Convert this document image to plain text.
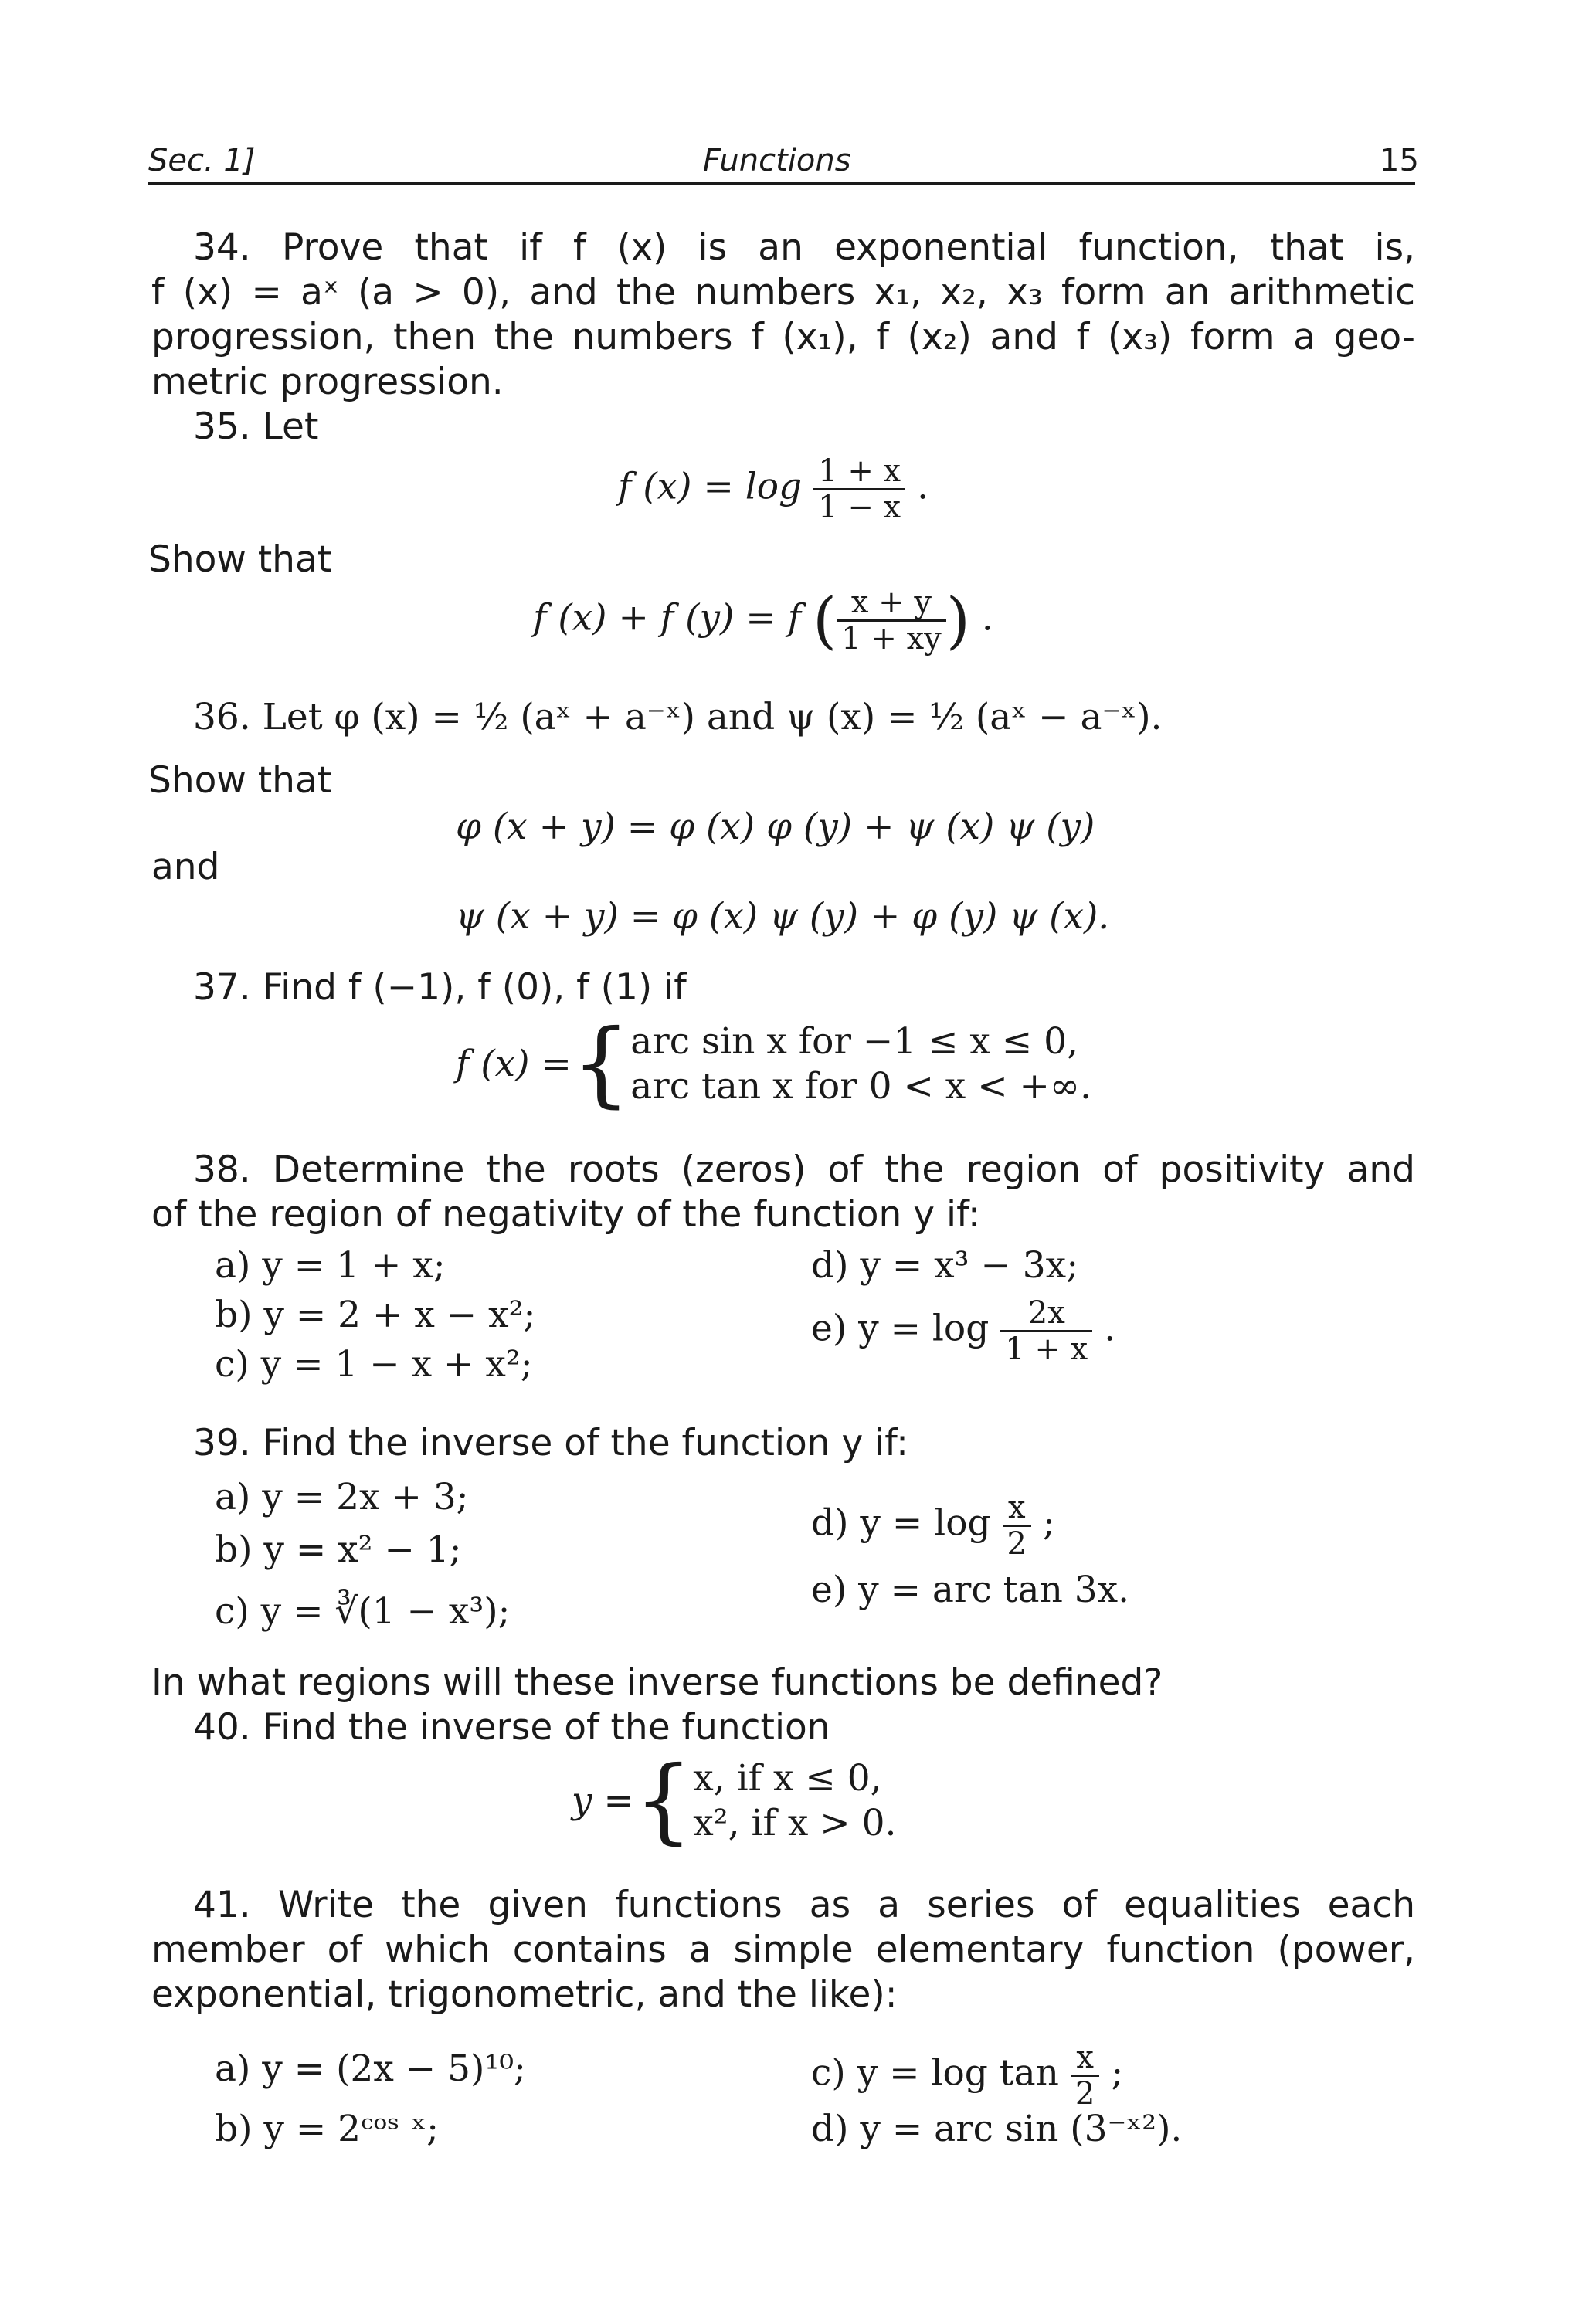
Sec. 1]	Functions	15
34. Prove that if f (x) is an exponential function, that is,
f (x) = aˣ (a > 0), and the numbers x₁, x₂, x₃ form an arithmetic
progression, then the numbers f (x₁), f (x₂) and f (x₃) form a geo-
metric progression.
35. Let
f $(x) = \log \frac{1 + x}{1 - x}$ .
Show that
f (x) + f (y) = f ( $\frac{x + y}{1 + xy}$ ) .
36. Let φ (x) = ½ (aˣ + a⁻ˣ) and ψ (x) = ½ (aˣ − a⁻ˣ).
Show that
φ (x + y) = φ (x) φ (y) + ψ (x) ψ (y)
and
ψ (x + y) = φ (x) ψ (y) + φ (y) ψ (x).
37. Find f (−1), f (0), f (1) if
f (x) ={ arc sin x for −1 ≤ x ≤ 0,
arc tan x for 0 < x < +∞.
38. Determine the roots (zeros) of the region of positivity and
of the region of negativity of the function y if:
a) y = 1 + x;
b) y = 2 + x − x²;
c) y = 1 − x + x²;
d) y = x³ − 3x;
e) $y = \log \frac{2x}{1 + x}$ .
39. Find the inverse of the function y if:
a) y = 2x + 3;
b) y = x² − 1;
c) y = ∛(1 − x³);
d) $y = \log \frac{x}{2}$ ;
e) y = arc tan 3x.
In what regions will these inverse functions be defined?
40. Find the inverse of the function
y ={ x, if x ≤ 0,
x², if x > 0.
41. Write the given functions as a series of equalities each
member of which contains a simple elementary function (power,
exponential, trigonometric, and the like):
a) y = (2x − 5)¹⁰;
b) y = 2ᶜᵒˢ ˣ;
c) $y = \log \tan \frac{x}{2}$ ;
d) y = arc sin (3⁻ˣ²).
